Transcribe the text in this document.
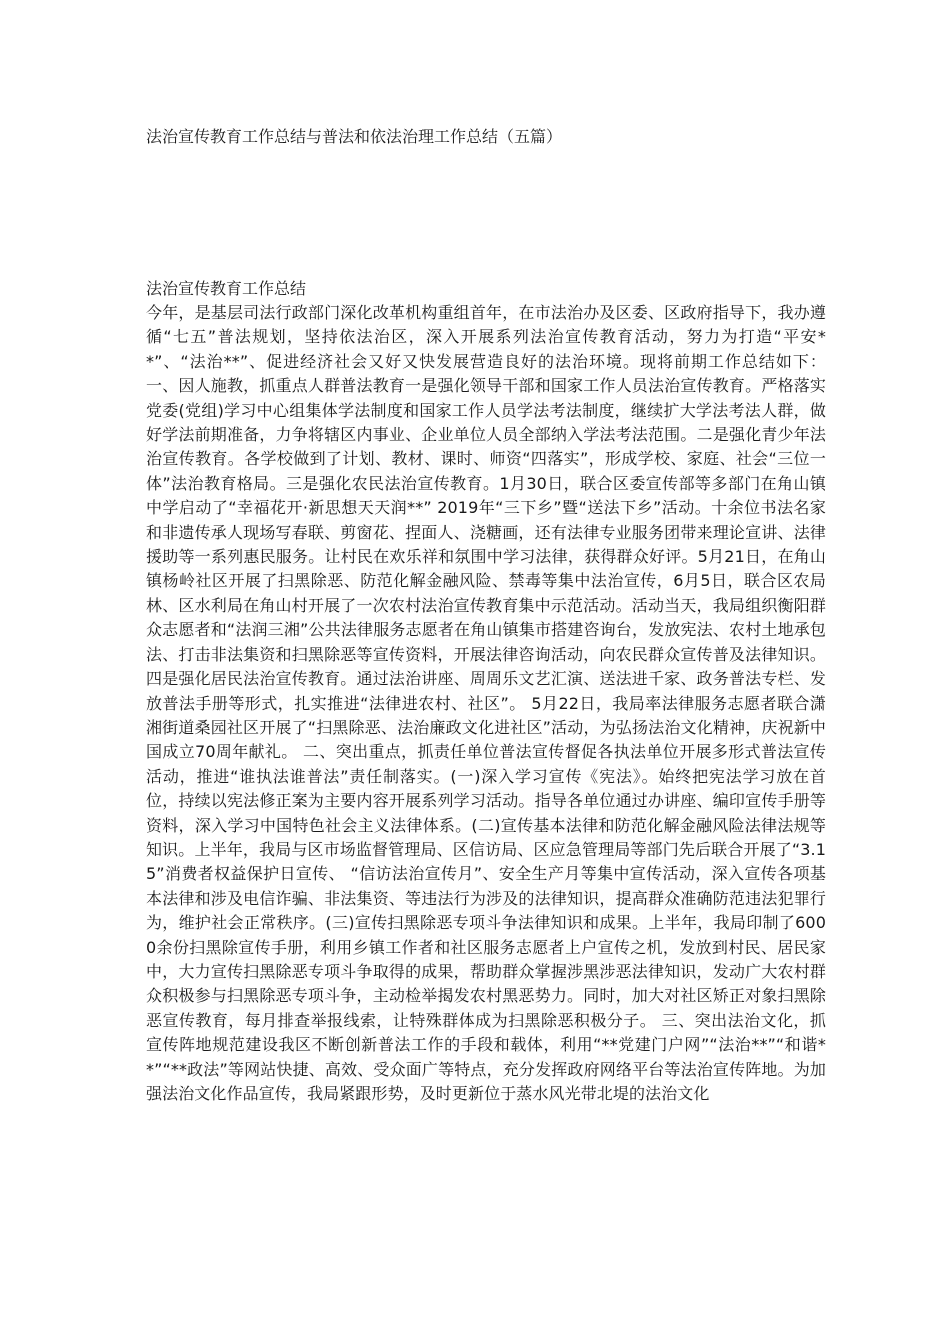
法治宣传教育工作总结与普法和依法治理工作总结（五篇）
法治宣传教育工作总结

今年，是基层司法行政部门深化改革机构重组首年，在市法治办及区委、区政府指导下，我办遵循“七五”普法规划，坚持依法治区，深入开展系列法治宣传教育活动，努力为打造“平安**”、“法治**”、促进经济社会又好又快发展营造良好的法治环境。现将前期工作总结如下： 一、因人施教，抓重点人群普法教育一是强化领导干部和国家工作人员法治宣传教育。严格落实党委(党组)学习中心组集体学法制度和国家工作人员学法考法制度，继续扩大学法考法人群，做好学法前期准备，力争将辖区内事业、企业单位人员全部纳入学法考法范围。二是强化青少年法治宣传教育。各学校做到了计划、教材、课时、师资“四落实”，形成学校、家庭、社会“三位一体”法治教育格局。三是强化农民法治宣传教育。1月30日，联合区委宣传部等多部门在角山镇中学启动了“幸福花开·新思想天天润**” 2019年“三下乡”暨“送法下乡”活动。十余位书法名家和非遗传承人现场写春联、剪窗花、捏面人、浇糖画，还有法律专业服务团带来理论宣讲、法律援助等一系列惠民服务。让村民在欢乐祥和氛围中学习法律，获得群众好评。5月21日，在角山镇杨岭社区开展了扫黑除恶、防范化解金融风险、禁毒等集中法治宣传，6月5日，联合区农局林、区水利局在角山村开展了一次农村法治宣传教育集中示范活动。活动当天，我局组织衡阳群众志愿者和“法润三湘”公共法律服务志愿者在角山镇集市搭建咨询台，发放宪法、农村土地承包法、打击非法集资和扫黑除恶等宣传资料，开展法律咨询活动，向农民群众宣传普及法律知识。四是强化居民法治宣传教育。通过法治讲座、周周乐文艺汇演、送法进千家、政务普法专栏、发放普法手册等形式，扎实推进“法律进农村、社区”。 5月22日，我局率法律服务志愿者联合潇湘街道桑园社区开展了“扫黑除恶、法治廉政文化进社区”活动，为弘扬法治文化精神，庆祝新中国成立70周年献礼。 二、突出重点，抓责任单位普法宣传督促各执法单位开展多形式普法宣传活动，推进“谁执法谁普法”责任制落实。(一)深入学习宣传《宪法》。始终把宪法学习放在首位，持续以宪法修正案为主要内容开展系列学习活动。指导各单位通过办讲座、编印宣传手册等资料，深入学习中国特色社会主义法律体系。(二)宣传基本法律和防范化解金融风险法律法规等知识。上半年，我局与区市场监督管理局、区信访局、区应急管理局等部门先后联合开展了“3.15”消费者权益保护日宣传、 “信访法治宣传月”、安全生产月等集中宣传活动，深入宣传各项基本法律和涉及电信诈骗、非法集资、等违法行为涉及的法律知识，提高群众准确防范违法犯罪行为，维护社会正常秩序。(三)宣传扫黑除恶专项斗争法律知识和成果。上半年，我局印制了6000余份扫黑除宣传手册，利用乡镇工作者和社区服务志愿者上户宣传之机，发放到村民、居民家中，大力宣传扫黑除恶专项斗争取得的成果，帮助群众掌握涉黑涉恶法律知识，发动广大农村群众积极参与扫黑除恶专项斗争，主动检举揭发农村黑恶势力。同时，加大对社区矫正对象扫黑除恶宣传教育，每月排查举报线索，让特殊群体成为扫黑除恶积极分子。 三、突出法治文化，抓宣传阵地规范建设我区不断创新普法工作的手段和载体，利用“**党建门户网”“法治**”“和谐**”“**政法”等网站快捷、高效、受众面广等特点，充分发挥政府网络平台等法治宣传阵地。为加强法治文化作品宣传，我局紧跟形势，及时更新位于蒸水风光带北堤的法治文化
